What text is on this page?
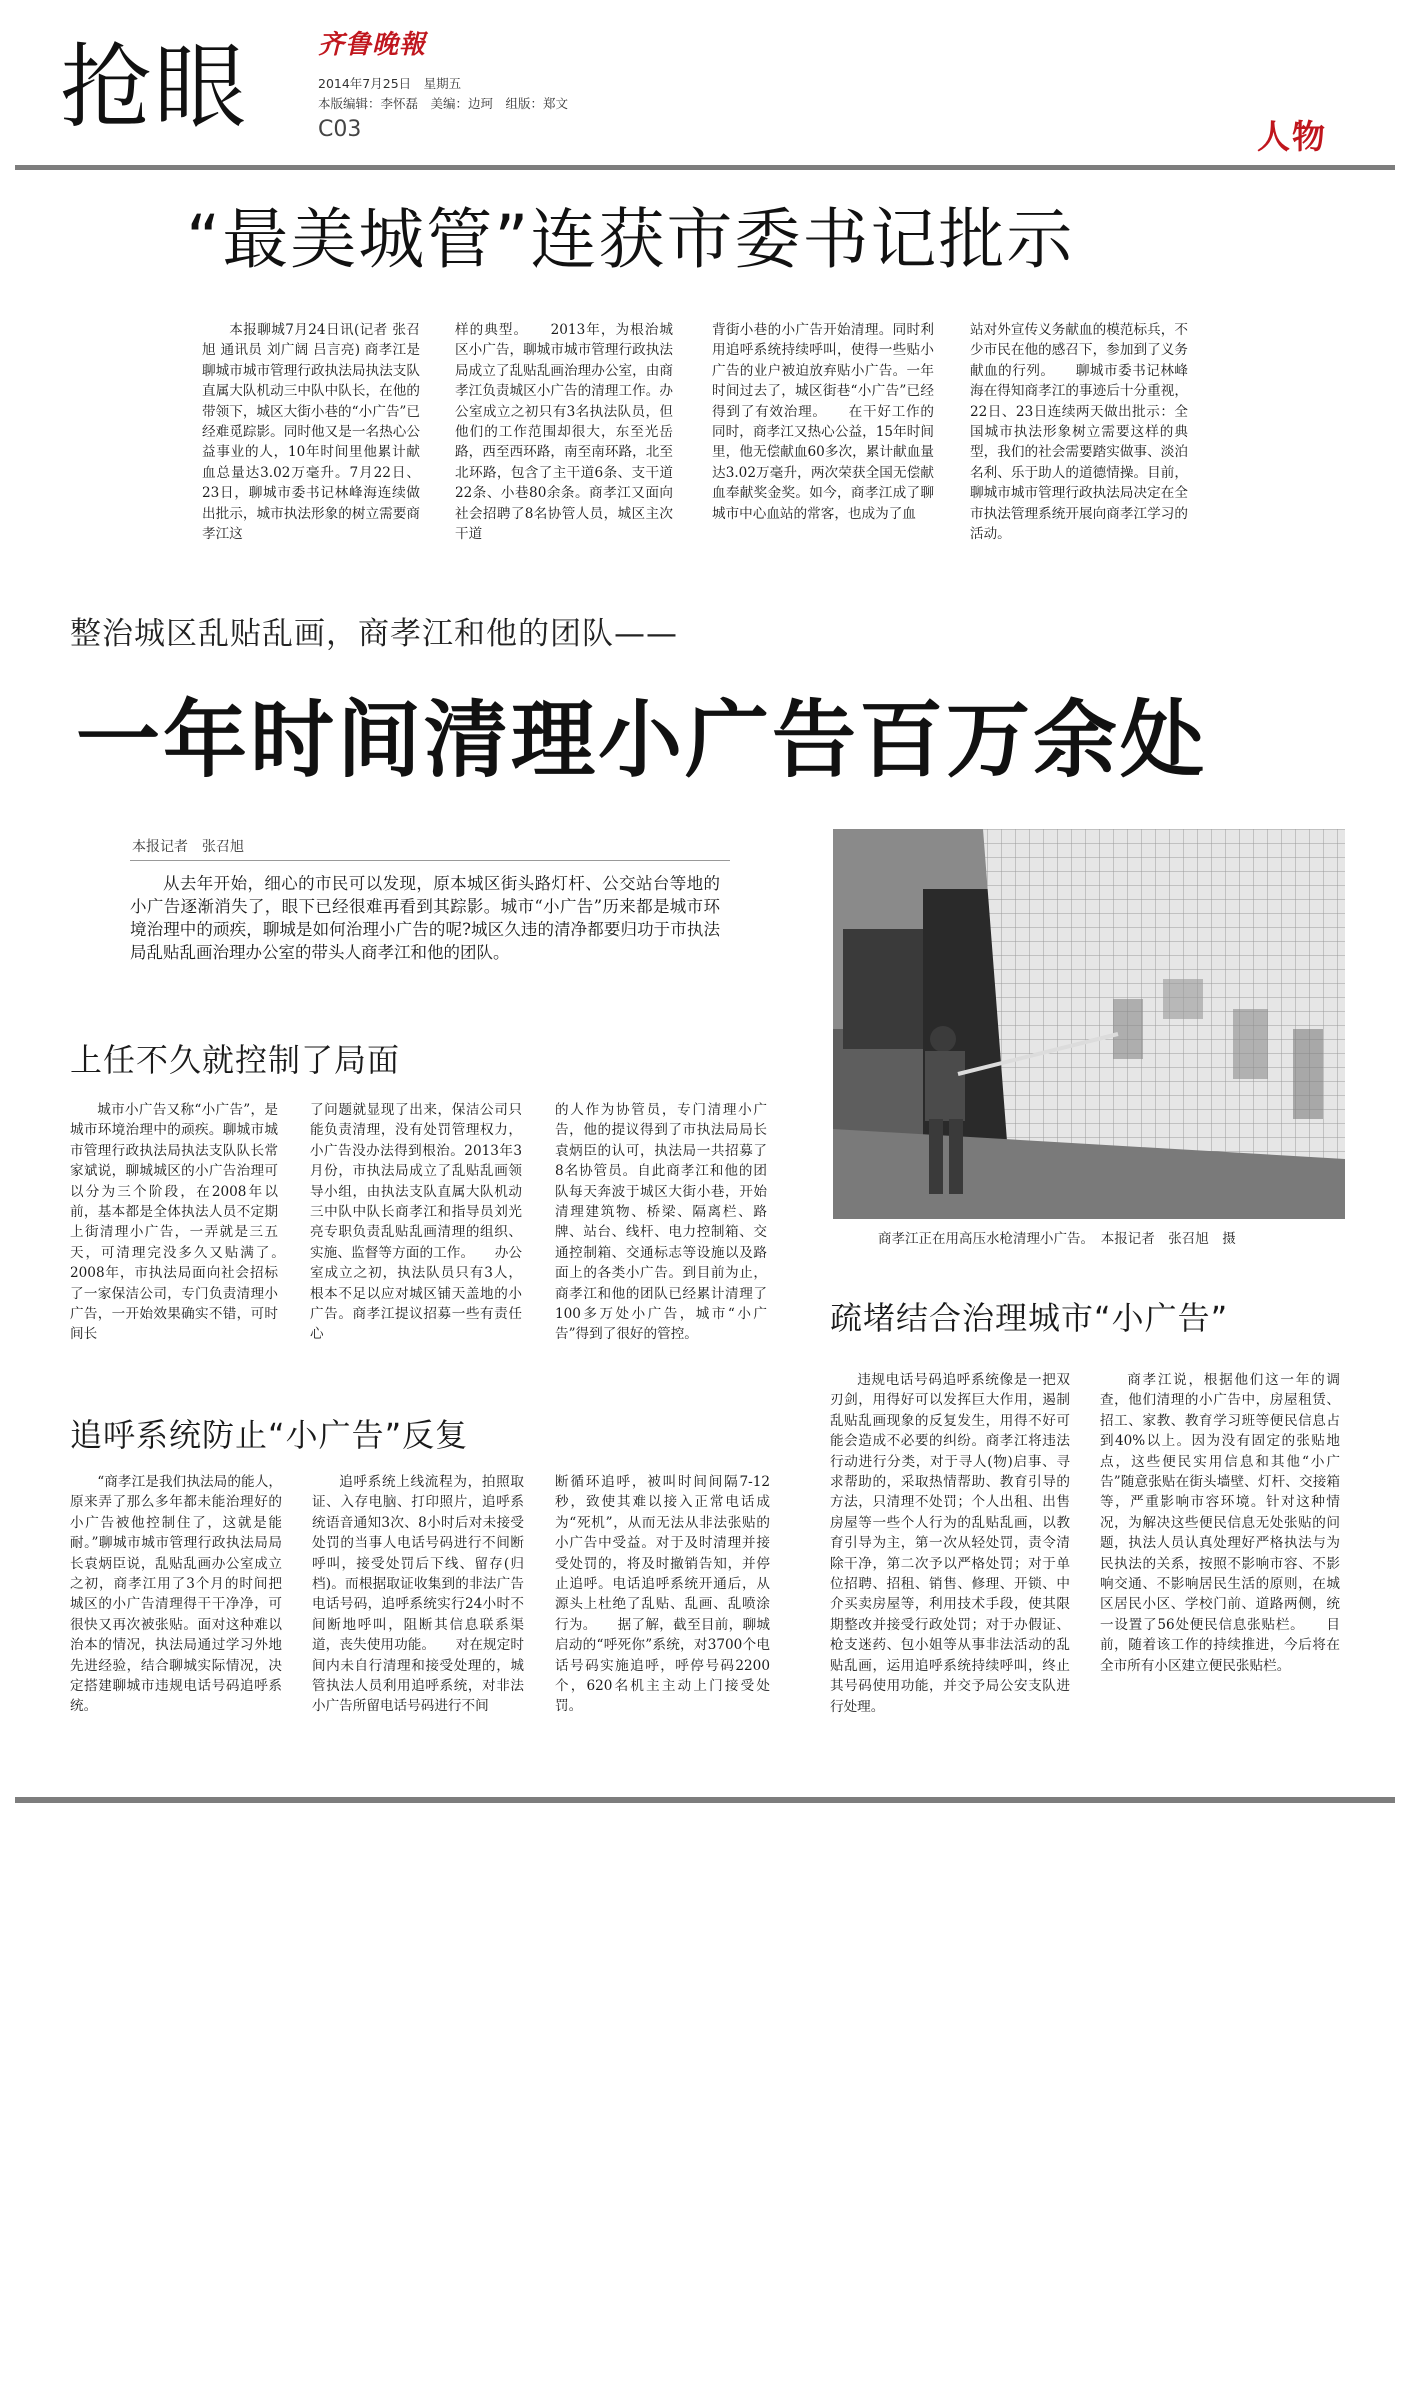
抢眼	齐鲁晚報
2014年7月25日　星期五
本版编辑：李怀磊　美编：边珂　组版：郑文
C03	人物
“最美城管”连获市委书记批示

本报聊城7月24日讯(记者 张召旭 通讯员 刘广阔 吕言亮) 商孝江是聊城市城市管理行政执法局执法支队直属大队机动三中队中队长，在他的带领下，城区大街小巷的“小广告”已经难觅踪影。同时他又是一名热心公益事业的人，10年时间里他累计献血总量达3.02万毫升。7月22日、23日，聊城市委书记林峰海连续做出批示，城市执法形象的树立需要商孝江这

样的典型。　　2013年，为根治城区小广告，聊城市城市管理行政执法局成立了乱贴乱画治理办公室，由商孝江负责城区小广告的清理工作。办公室成立之初只有3名执法队员，但他们的工作范围却很大，东至光岳路，西至西环路，南至南环路，北至北环路，包含了主干道6条、支干道22条、小巷80余条。商孝江又面向社会招聘了8名协管人员，城区主次干道

背街小巷的小广告开始清理。同时利用追呼系统持续呼叫，使得一些贴小广告的业户被迫放弃贴小广告。一年时间过去了，城区街巷“小广告”已经得到了有效治理。　　在干好工作的同时，商孝江又热心公益，15年时间里，他无偿献血60多次，累计献血量达3.02万毫升，两次荣获全国无偿献血奉献奖金奖。如今，商孝江成了聊城市中心血站的常客，也成为了血

站对外宣传义务献血的模范标兵，不少市民在他的感召下，参加到了义务献血的行列。　　聊城市委书记林峰海在得知商孝江的事迹后十分重视，22日、23日连续两天做出批示：全国城市执法形象树立需要这样的典型，我们的社会需要踏实做事、淡泊名利、乐于助人的道德情操。目前，聊城市城市管理行政执法局决定在全市执法管理系统开展向商孝江学习的活动。

整治城区乱贴乱画，商孝江和他的团队——
一年时间清理小广告百万余处
本报记者　张召旭

从去年开始，细心的市民可以发现，原本城区街头路灯杆、公交站台等地的小广告逐渐消失了，眼下已经很难再看到其踪影。城市“小广告”历来都是城市环境治理中的顽疾，聊城是如何治理小广告的呢?城区久违的清净都要归功于市执法局乱贴乱画治理办公室的带头人商孝江和他的团队。

商孝江正在用高压水枪清理小广告。　本报记者　张召旭　摄
上任不久就控制了局面

城市小广告又称“小广告”，是城市环境治理中的顽疾。聊城市城市管理行政执法局执法支队队长常家斌说，聊城城区的小广告治理可以分为三个阶段，在2008年以前，基本都是全体执法人员不定期上街清理小广告，一弄就是三五天，可清理完没多久又贴满了。　　2008年，市执法局面向社会招标了一家保洁公司，专门负责清理小广告，一开始效果确实不错，可时间长

了问题就显现了出来，保洁公司只能负责清理，没有处罚管理权力，小广告没办法得到根治。2013年3月份，市执法局成立了乱贴乱画领导小组，由执法支队直属大队机动三中队中队长商孝江和指导员刘光亮专职负责乱贴乱画清理的组织、实施、监督等方面的工作。　　办公室成立之初，执法队员只有3人，根本不足以应对城区铺天盖地的小广告。商孝江提议招募一些有责任心

的人作为协管员，专门清理小广告，他的提议得到了市执法局局长袁炳臣的认可，执法局一共招募了8名协管员。自此商孝江和他的团队每天奔波于城区大街小巷，开始清理建筑物、桥梁、隔离栏、路牌、站台、线杆、电力控制箱、交通控制箱、交通标志等设施以及路面上的各类小广告。到目前为止，商孝江和他的团队已经累计清理了100多万处小广告，城市“小广告”得到了很好的管控。	疏堵结合治理城市“小广告”

违规电话号码追呼系统像是一把双刃剑，用得好可以发挥巨大作用，遏制乱贴乱画现象的反复发生，用得不好可能会造成不必要的纠纷。商孝江将违法行动进行分类，对于寻人(物)启事、寻求帮助的，采取热情帮助、教育引导的方法，只清理不处罚；个人出租、出售房屋等一些个人行为的乱贴乱画，以教育引导为主，第一次从轻处罚，责令清除干净，第二次予以严格处罚；对于单位招聘、招租、销售、修理、开锁、中介买卖房屋等，利用技术手段，使其限期整改并接受行政处罚；对于办假证、枪支迷药、包小姐等从事非法活动的乱贴乱画，运用追呼系统持续呼叫，终止其号码使用功能，并交予局公安支队进行处理。

商孝江说，根据他们这一年的调查，他们清理的小广告中，房屋租赁、招工、家教、教育学习班等便民信息占到40%以上。因为没有固定的张贴地点，这些便民实用信息和其他“小广告”随意张贴在街头墙壁、灯杆、交接箱等，严重影响市容环境。针对这种情况，为解决这些便民信息无处张贴的问题，执法人员认真处理好严格执法与为民执法的关系，按照不影响市容、不影响交通、不影响居民生活的原则，在城区居民小区、学校门前、道路两侧，统一设置了56处便民信息张贴栏。　　目前，随着该工作的持续推进，今后将在全市所有小区建立便民张贴栏。

追呼系统防止“小广告”反复

“商孝江是我们执法局的能人，原来弄了那么多年都未能治理好的小广告被他控制住了，这就是能耐。”聊城市城市管理行政执法局局长袁炳臣说，乱贴乱画办公室成立之初，商孝江用了3个月的时间把城区的小广告清理得干干净净，可很快又再次被张贴。面对这种难以治本的情况，执法局通过学习外地先进经验，结合聊城实际情况，决定搭建聊城市违规电话号码追呼系统。

追呼系统上线流程为，拍照取证、入存电脑、打印照片，追呼系统语音通知3次、8小时后对未接受处罚的当事人电话号码进行不间断呼叫，接受处罚后下线、留存(归档)。而根据取证收集到的非法广告电话号码，追呼系统实行24小时不间断地呼叫，阻断其信息联系渠道，丧失使用功能。　　对在规定时间内未自行清理和接受处理的，城管执法人员利用追呼系统，对非法小广告所留电话号码进行不间

断循环追呼，被叫时间间隔7-12秒，致使其难以接入正常电话成为“死机”，从而无法从非法张贴的小广告中受益。对于及时清理并接受处罚的，将及时撤销告知，并停止追呼。电话追呼系统开通后，从源头上杜绝了乱贴、乱画、乱喷涂行为。　　据了解，截至目前，聊城启动的“呼死你”系统，对3700个电话号码实施追呼，呼停号码2200个，620名机主主动上门接受处罚。
